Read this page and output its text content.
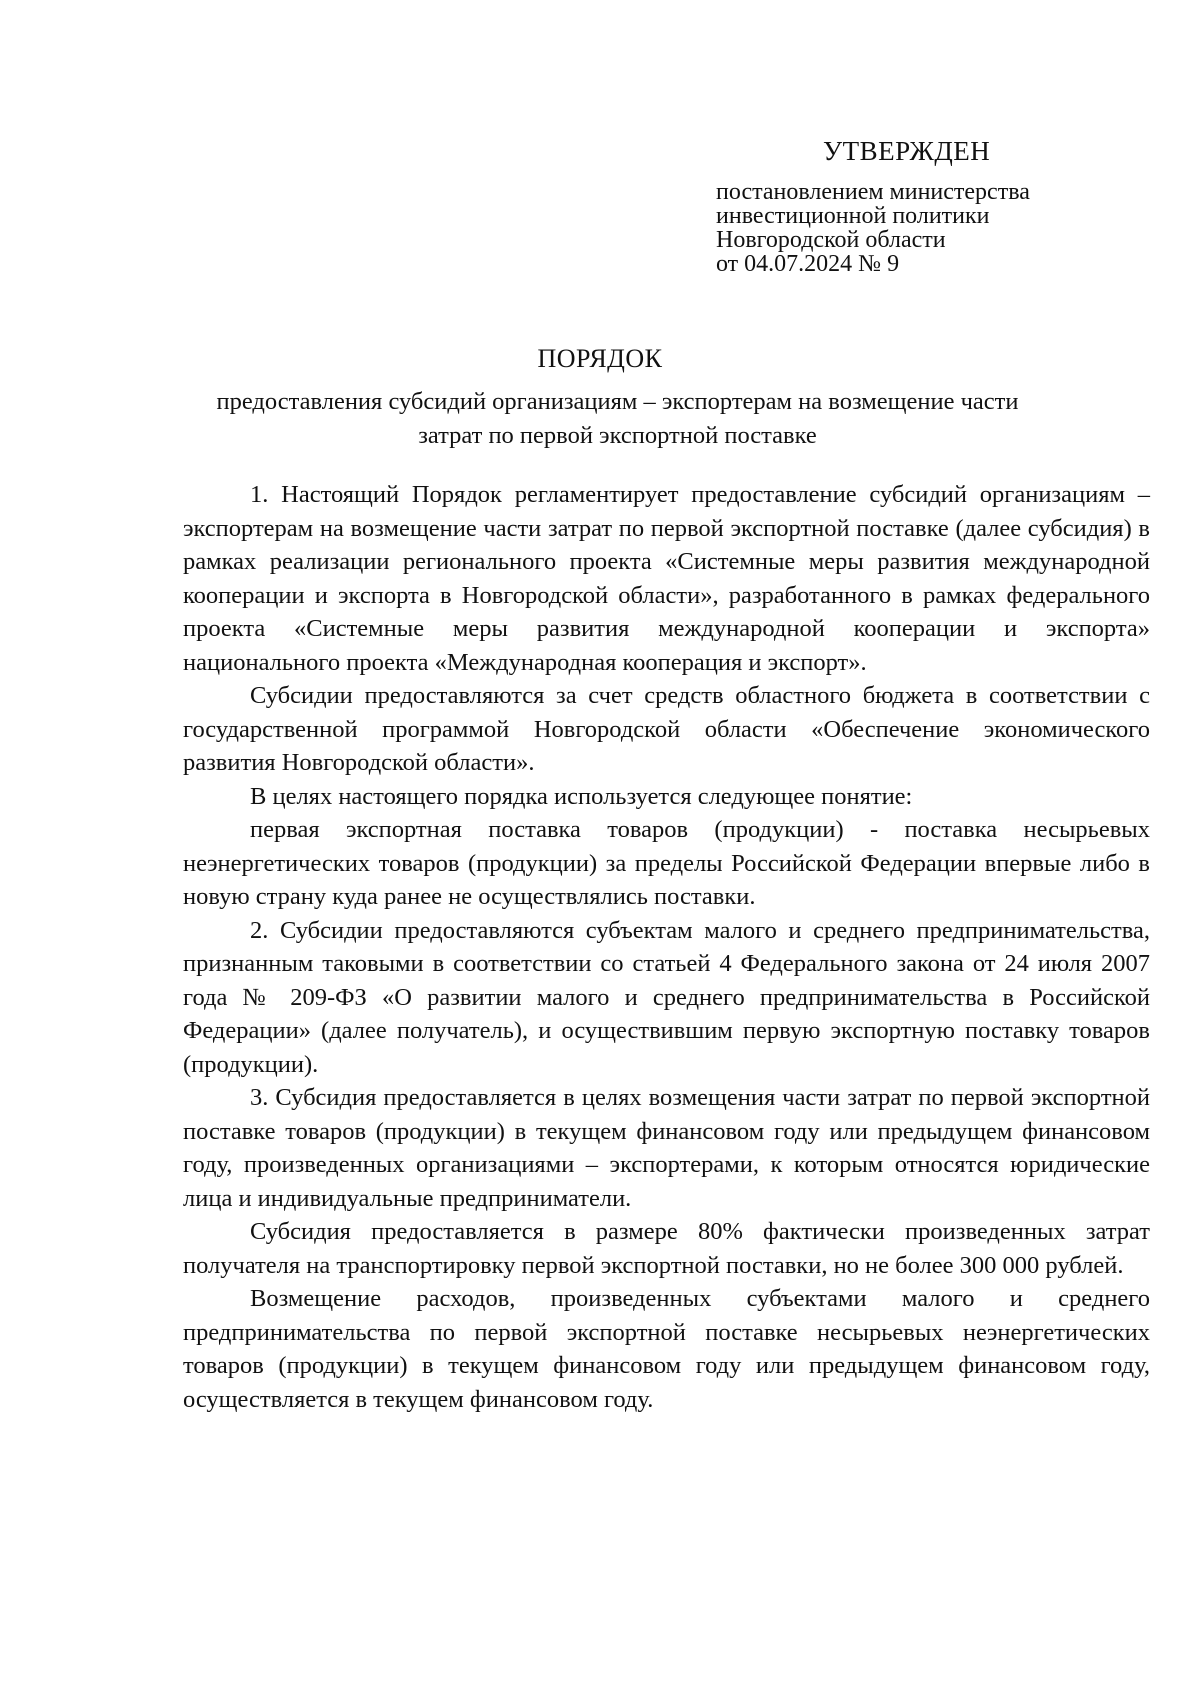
УТВЕРЖДЕН
постановлением министерства
инвестиционной политики
Новгородской области
от 04.07.2024 № 9
ПОРЯДОК
предоставления субсидий организациям – экспортерам на возмещение части
затрат по первой экспортной поставке

1. Настоящий Порядок регламентирует предоставление субсидий организациям – экспортерам на возмещение части затрат по первой экспортной поставке (далее субсидия) в рамках реализации регионального проекта «Системные меры развития международной кооперации и экспорта в Новгородской области», разработанного в рамках федерального проекта «Системные меры развития международной кооперации и экспорта» национального проекта «Международная кооперация и экспорт».

Субсидии предоставляются за счет средств областного бюджета в соответствии с государственной программой Новгородской области «Обеспечение экономического развития Новгородской области».

В целях настоящего порядка используется следующее понятие:

первая экспортная поставка товаров (продукции) - поставка несырьевых неэнергетических товаров (продукции) за пределы Российской Федерации впервые либо в новую страну куда ранее не осуществлялись поставки.

2. Субсидии предоставляются субъектам малого и среднего предпринимательства, признанным таковыми в соответствии со статьей 4 Федерального закона от 24 июля 2007 года № 209-ФЗ «О развитии малого и среднего предпринимательства в Российской Федерации» (далее получатель), и осуществившим первую экспортную поставку товаров (продукции).

3. Субсидия предоставляется в целях возмещения части затрат по первой экспортной поставке товаров (продукции) в текущем финансовом году или предыдущем финансовом году, произведенных организациями – экспортерами, к которым относятся юридические лица и индивидуальные предприниматели.

Субсидия предоставляется в размере 80% фактически произведенных затрат получателя на транспортировку первой экспортной поставки, но не более 300 000 рублей.

Возмещение расходов, произведенных субъектами малого и среднего предпринимательства по первой экспортной поставке несырьевых неэнергетических товаров (продукции) в текущем финансовом году или предыдущем финансовом году, осуществляется в текущем финансовом году.
